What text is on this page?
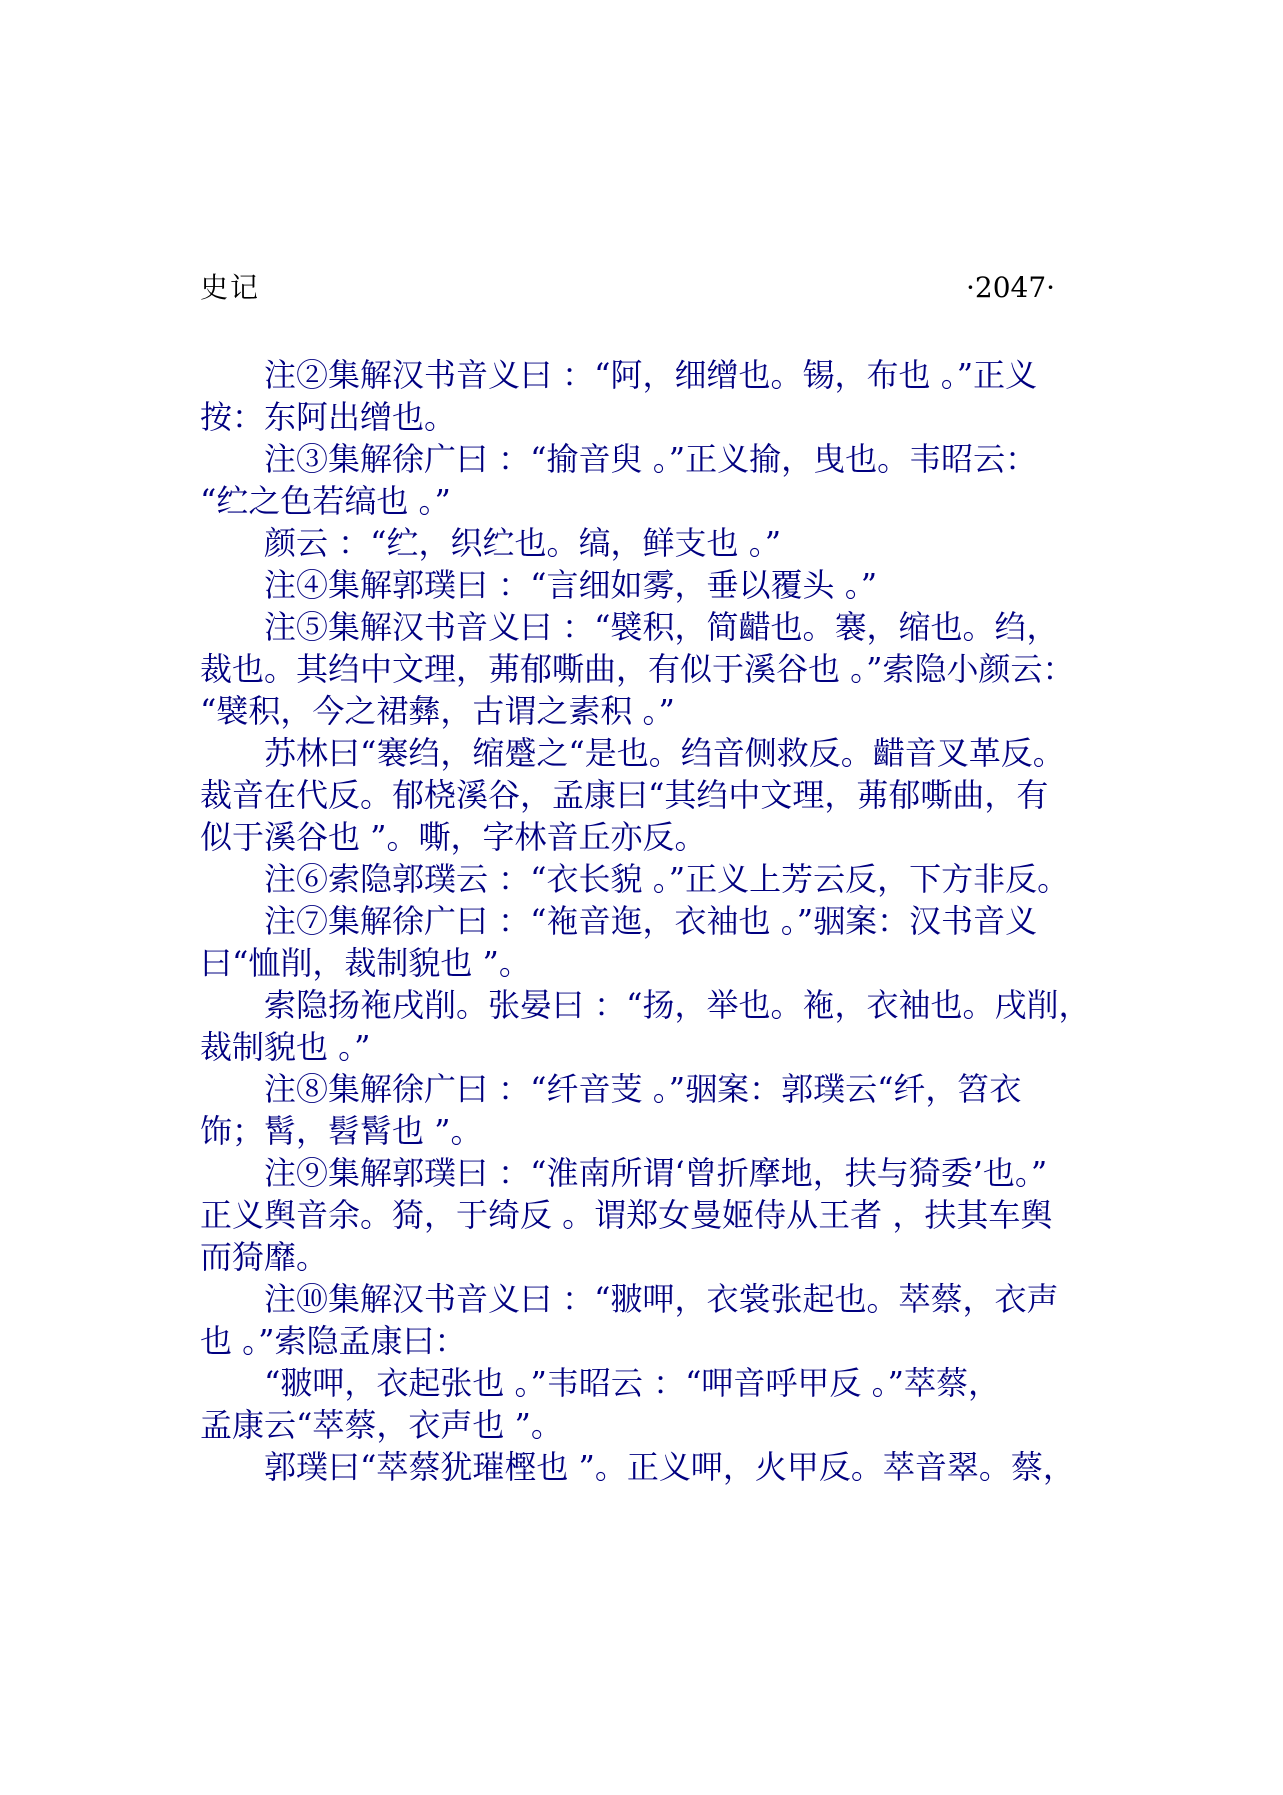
史记	·2047·
注②集解汉书音义曰 ：“阿，细缯也。锡，布也 。”正义
按：东阿出缯也。
注③集解徐广曰 ：“揄音臾 。”正义揄，曳也。韦昭云：
“纻之色若缟也 。”
颜云 ：“纻，织纻也。缟，鲜支也 。”
注④集解郭璞曰 ：“言细如雾，垂以覆头 。”
注⑤集解汉书音义曰 ：“襞积，简齰也。褰，缩也。绉，
裁也。其绉中文理，茀郁嘶曲，有似于溪谷也 。”索隐小颜云：
“襞积，今之裙彝，古谓之素积 。”
苏林曰“褰绉，缩蹙之“是也。绉音侧救反。齰音叉革反。
裁音在代反。郁桡溪谷，孟康曰“其绉中文理，茀郁嘶曲，有
似于溪谷也 ”。嘶，字林音丘亦反。
注⑥索隐郭璞云 ：“衣长貌 。”正义上芳云反，下方非反。
注⑦集解徐广曰 ：“袘音迤，衣袖也 。”骃案：汉书音义
曰“恤削，裁制貌也 ”。
索隐扬袘戌削。张晏曰 ：“扬，举也。袘，衣袖也。戌削，
裁制貌也 。”
注⑧集解徐广曰 ：“纤音芰 。”骃案：郭璞云“纤，笤衣
饰；髾，髫髾也 ”。
注⑨集解郭璞曰 ：“淮南所谓‘曾折摩地，扶与猗委’也。”
正义舆音余。猗，于绮反 。谓郑女曼姬侍从王者 ，扶其车舆
而猗靡。
注⑩集解汉书音义曰 ：“翍呷，衣裳张起也。萃蔡，衣声
也 。”索隐孟康曰：
“翍呷，衣起张也 。”韦昭云 ：“呷音呼甲反 。”萃蔡，
孟康云“萃蔡，衣声也 ”。
郭璞曰“萃蔡犹璀樫也 ”。正义呷，火甲反。萃音翠。蔡，
